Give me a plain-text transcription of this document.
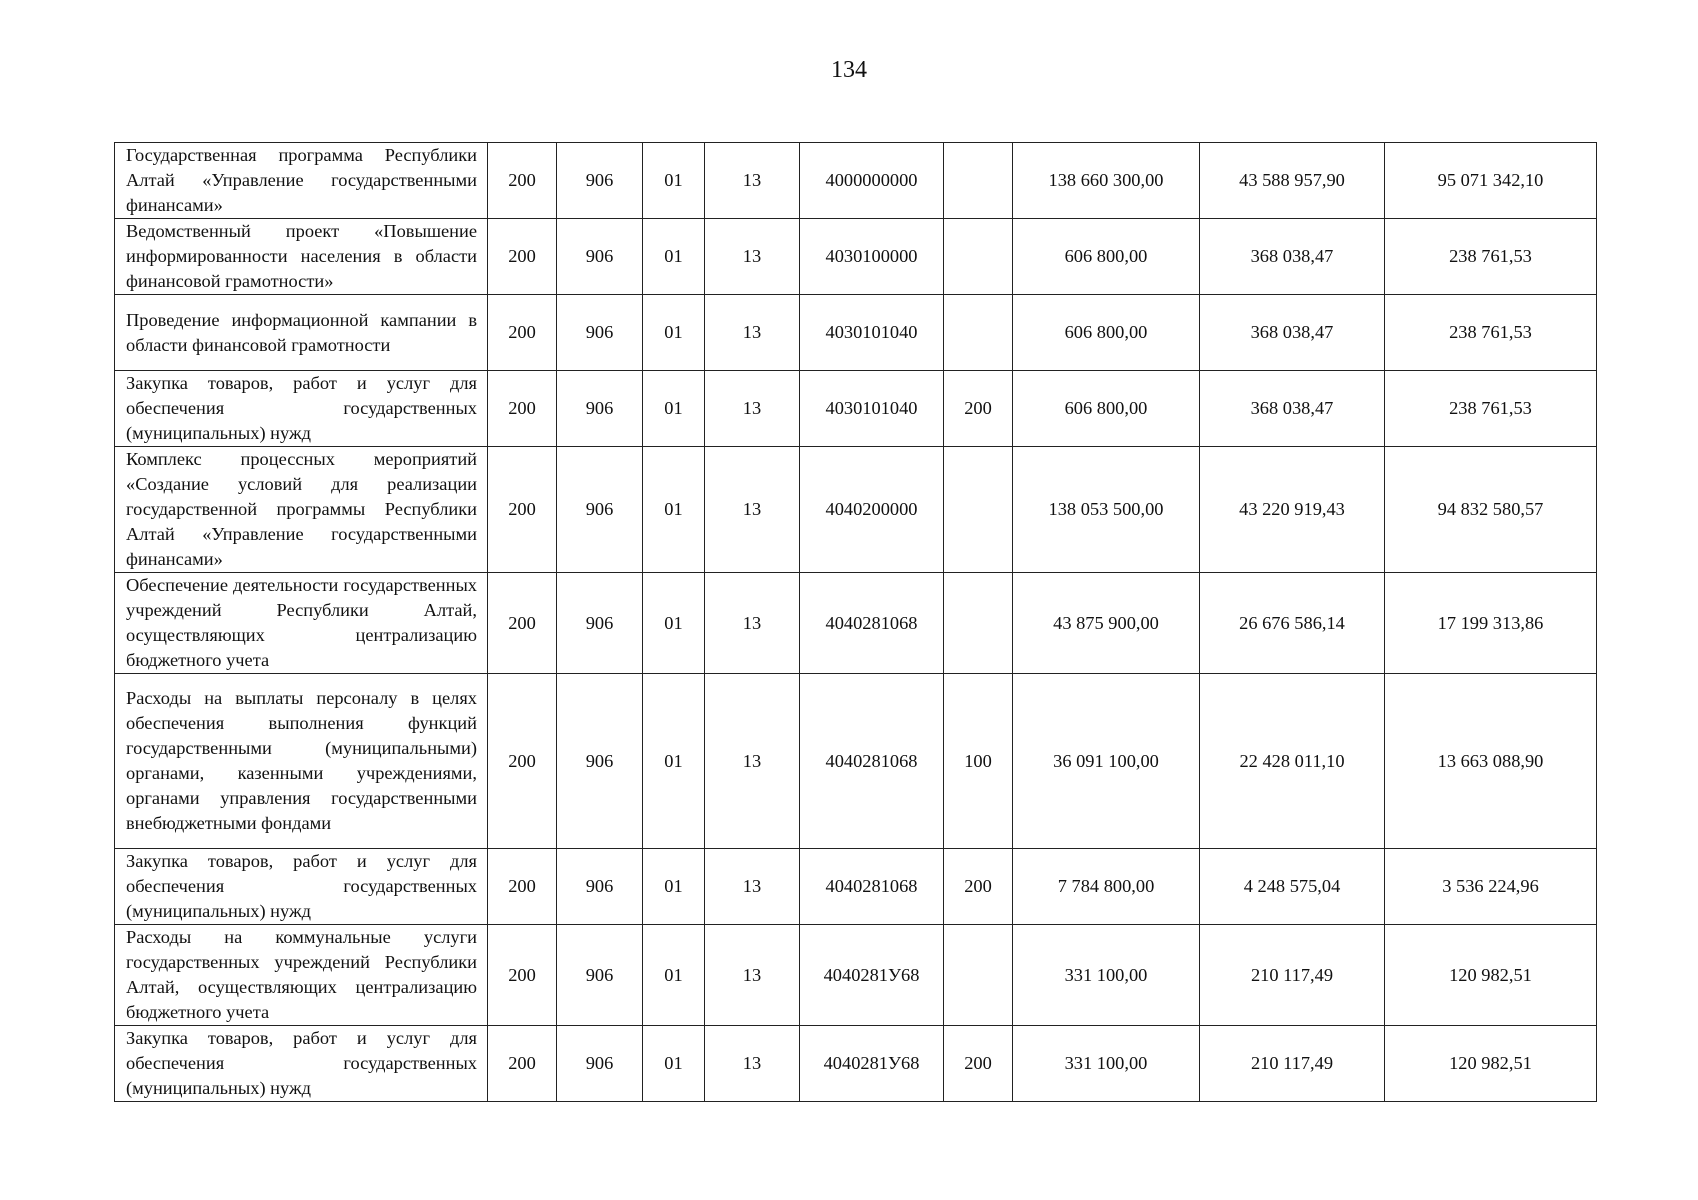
134
Государственная программа Республики Алтай «Управление государственными финансами»	200	906	01	13	4000000000		138 660 300,00	43 588 957,90	95 071 342,10
Ведомственный проект «Повышение информированности населения в области финансовой грамотности»	200	906	01	13	4030100000		606 800,00	368 038,47	238 761,53
Проведение информационной кампании в области финансовой грамотности	200	906	01	13	4030101040		606 800,00	368 038,47	238 761,53
Закупка товаров, работ и услуг для обеспечения государственных (муниципальных) нужд	200	906	01	13	4030101040	200	606 800,00	368 038,47	238 761,53
Комплекс процессных мероприятий «Создание условий для реализации государственной программы Республики Алтай «Управление государственными финансами»	200	906	01	13	4040200000		138 053 500,00	43 220 919,43	94 832 580,57
Обеспечение деятельности государственных учреждений Республики Алтай, осуществляющих централизацию бюджетного учета	200	906	01	13	4040281068		43 875 900,00	26 676 586,14	17 199 313,86
Расходы на выплаты персоналу в целях обеспечения выполнения функций государственными (муниципальными) органами, казенными учреждениями, органами управления государственными внебюджетными фондами	200	906	01	13	4040281068	100	36 091 100,00	22 428 011,10	13 663 088,90
Закупка товаров, работ и услуг для обеспечения государственных (муниципальных) нужд	200	906	01	13	4040281068	200	7 784 800,00	4 248 575,04	3 536 224,96
Расходы на коммунальные услуги государственных учреждений Республики Алтай, осуществляющих централизацию бюджетного учета	200	906	01	13	4040281У68		331 100,00	210 117,49	120 982,51
Закупка товаров, работ и услуг для обеспечения государственных (муниципальных) нужд	200	906	01	13	4040281У68	200	331 100,00	210 117,49	120 982,51
